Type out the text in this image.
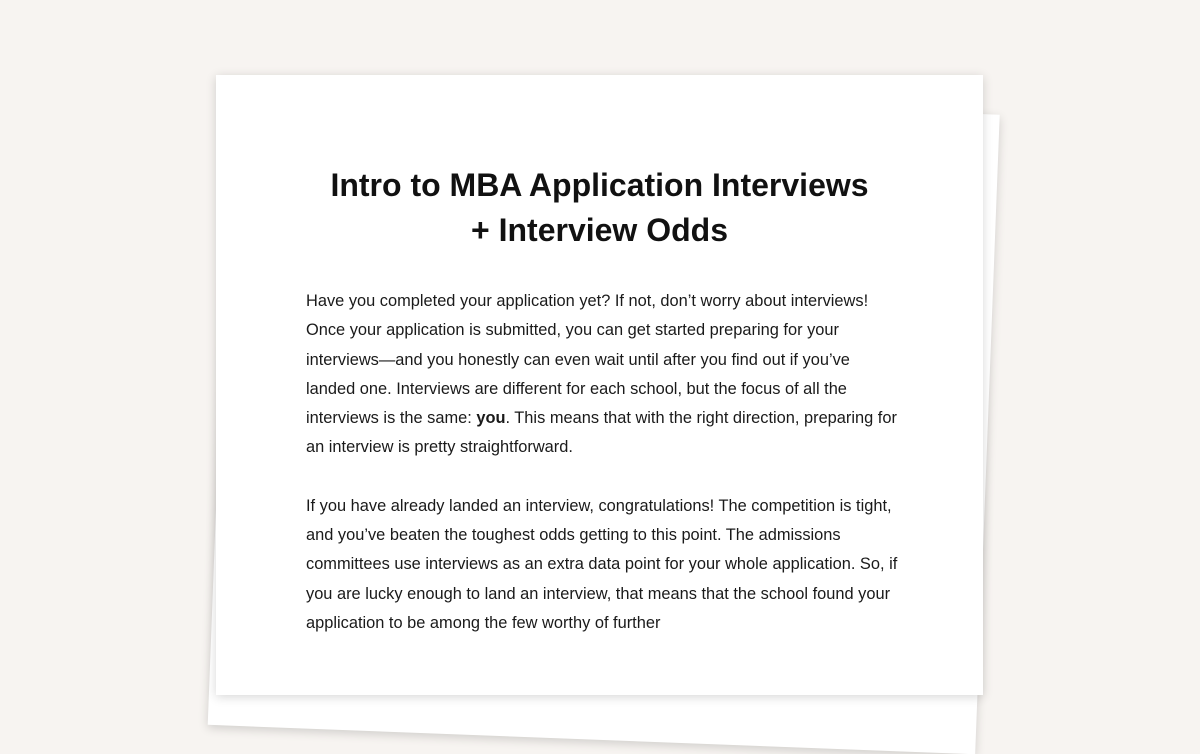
Intro to MBA Application Interviews
+ Interview Odds

Have you completed your application yet? If not, don’t worry about interviews! Once your application is submitted, you can get started preparing for your interviews—and you honestly can even wait until after you find out if you’ve landed one. Interviews are different for each school, but the focus of all the interviews is the same: you. This means that with the right direction, preparing for an interview is pretty straightforward.

If you have already landed an interview, congratulations! The competition is tight, and you’ve beaten the toughest odds getting to this point. The admissions committees use interviews as an extra data point for your whole application. So, if you are lucky enough to land an interview, that means that the school found your application to be among the few worthy of further
